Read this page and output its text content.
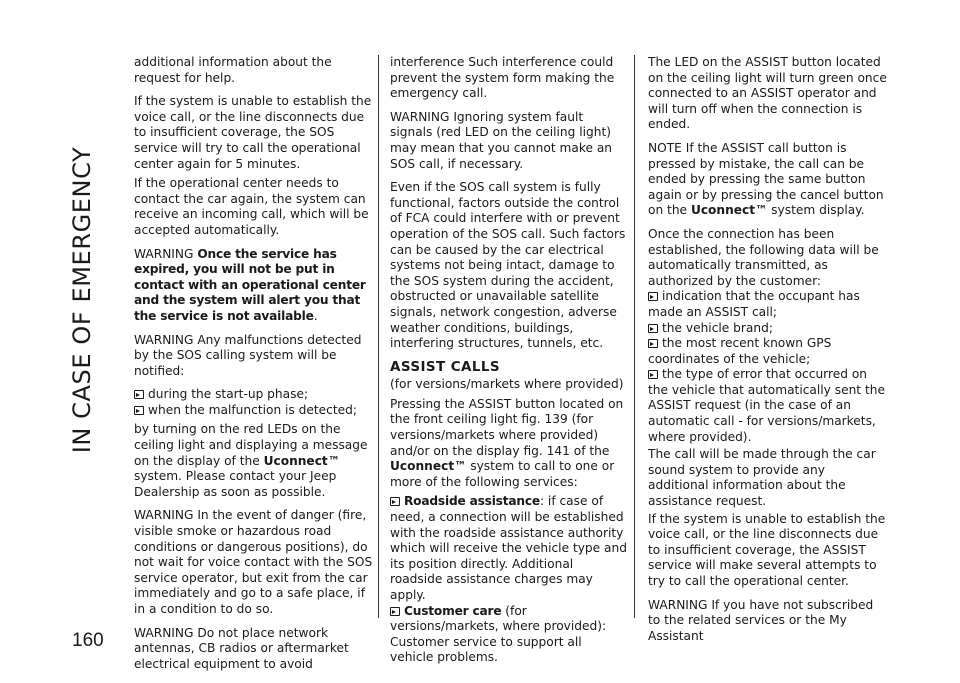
IN CASE OF EMERGENCY
160

additional information about the request for help.

If the system is unable to establish the voice call, or the line disconnects due to insufficient coverage, the SOS service will try to call the operational center again for 5 minutes.

If the operational center needs to contact the car again, the system can receive an incoming call, which will be accepted automatically.

WARNING Once the service has expired, you will not be put in contact with an operational center and the system will alert you that the service is not available.

WARNING Any malfunctions detected by the SOS calling system will be notified:

during the start-up phase;
when the malfunction is detected;

by turning on the red LEDs on the ceiling light and displaying a message on the display of the Uconnect™ system. Please contact your Jeep Dealership as soon as possible.

WARNING In the event of danger (fire, visible smoke or hazardous road conditions or dangerous positions), do not wait for voice contact with the SOS service operator, but exit from the car immediately and go to a safe place, if in a condition to do so.

WARNING Do not place network antennas, CB radios or aftermarket electrical equipment to avoid

interference Such interference could prevent the system form making the emergency call.

WARNING Ignoring system fault signals (red LED on the ceiling light) may mean that you cannot make an SOS call, if necessary.

Even if the SOS call system is fully functional, factors outside the control of FCA could interfere with or prevent operation of the SOS call. Such factors can be caused by the car electrical systems not being intact, damage to the SOS system during the accident, obstructed or unavailable satellite signals, network congestion, adverse weather conditions, buildings, interfering structures, tunnels, etc.

ASSIST CALLS

(for versions/markets where provided)

Pressing the ASSIST button located on the front ceiling light fig. 139 (for versions/markets where provided) and/or on the display fig. 141 of the Uconnect™ system to call to one or more of the following services:

Roadside assistance: if case of need, a connection will be established with the roadside assistance authority which will receive the vehicle type and its position directly. Additional roadside assistance charges may apply.
Customer care (for versions/markets, where provided): Customer service to support all vehicle problems.

The LED on the ASSIST button located on the ceiling light will turn green once connected to an ASSIST operator and will turn off when the connection is ended.

NOTE If the ASSIST call button is pressed by mistake, the call can be ended by pressing the same button again or by pressing the cancel button on the Uconnect™ system display.

Once the connection has been established, the following data will be automatically transmitted, as authorized by the customer:

indication that the occupant has made an ASSIST call;
the vehicle brand;
the most recent known GPS coordinates of the vehicle;
the type of error that occurred on the vehicle that automatically sent the ASSIST request (in the case of an automatic call - for versions/markets, where provided).

The call will be made through the car sound system to provide any additional information about the assistance request.

If the system is unable to establish the voice call, or the line disconnects due to insufficient coverage, the ASSIST service will make several attempts to try to call the operational center.

WARNING If you have not subscribed to the related services or the My Assistant
